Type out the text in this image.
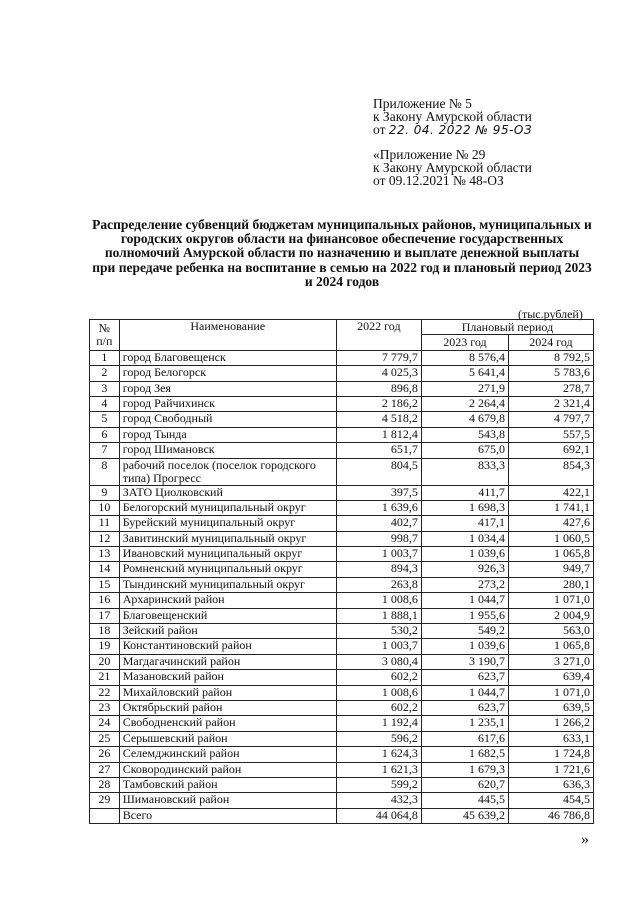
Приложение № 5
к Закону Амурской области
от 22. 04. 2022 № 95-ОЗ
«Приложение № 29
к Закону Амурской области
от 09.12.2021 № 48-ОЗ
Распределение субвенций бюджетам муниципальных районов, муниципальных и городских округов области на финансовое обеспечение государственных полномочий Амурской области по назначению и выплате денежной выплаты при передаче ребенка на воспитание в семью на 2022 год и плановый период 2023 и 2024 годов
(тыс.рублей)
№ п/п	Наименование	2022 год	Плановый период	
			2023 год	2024 год
1	город Благовещенск	7 779,7	8 576,4	8 792,5
2	город Белогорск	4 025,3	5 641,4	5 783,6
3	город Зея	896,8	271,9	278,7
4	город Райчихинск	2 186,2	2 264,4	2 321,4
5	город Свободный	4 518,2	4 679,8	4 797,7
6	город Тында	1 812,4	543,8	557,5
7	город Шимановск	651,7	675,0	692,1
8	рабочий поселок (поселок городского типа) Прогресс	804,5	833,3	854,3
9	ЗАТО Циолковский	397,5	411,7	422,1
10	Белогорский муниципальный округ	1 639,6	1 698,3	1 741,1
11	Бурейский муниципальный округ	402,7	417,1	427,6
12	Завитинский муниципальный округ	998,7	1 034,4	1 060,5
13	Ивановский муниципальный округ	1 003,7	1 039,6	1 065,8
14	Ромненский муниципальный округ	894,3	926,3	949,7
15	Тындинский муниципальный округ	263,8	273,2	280,1
16	Архаринский район	1 008,6	1 044,7	1 071,0
17	Благовещенский	1 888,1	1 955,6	2 004,9
18	Зейский район	530,2	549,2	563,0
19	Константиновский район	1 003,7	1 039,6	1 065,8
20	Магдагачинский район	3 080,4	3 190,7	3 271,0
21	Мазановский район	602,2	623,7	639,4
22	Михайловский район	1 008,6	1 044,7	1 071,0
23	Октябрьский район	602,2	623,7	639,5
24	Свободненский район	1 192,4	1 235,1	1 266,2
25	Серышевский район	596,2	617,6	633,1
26	Селемджинский район	1 624,3	1 682,5	1 724,8
27	Сковородинский район	1 621,3	1 679,3	1 721,6
28	Тамбовский район	599,2	620,7	636,3
29	Шимановский район	432,3	445,5	454,5
	Всего	44 064,8	45 639,2	46 786,8
»
